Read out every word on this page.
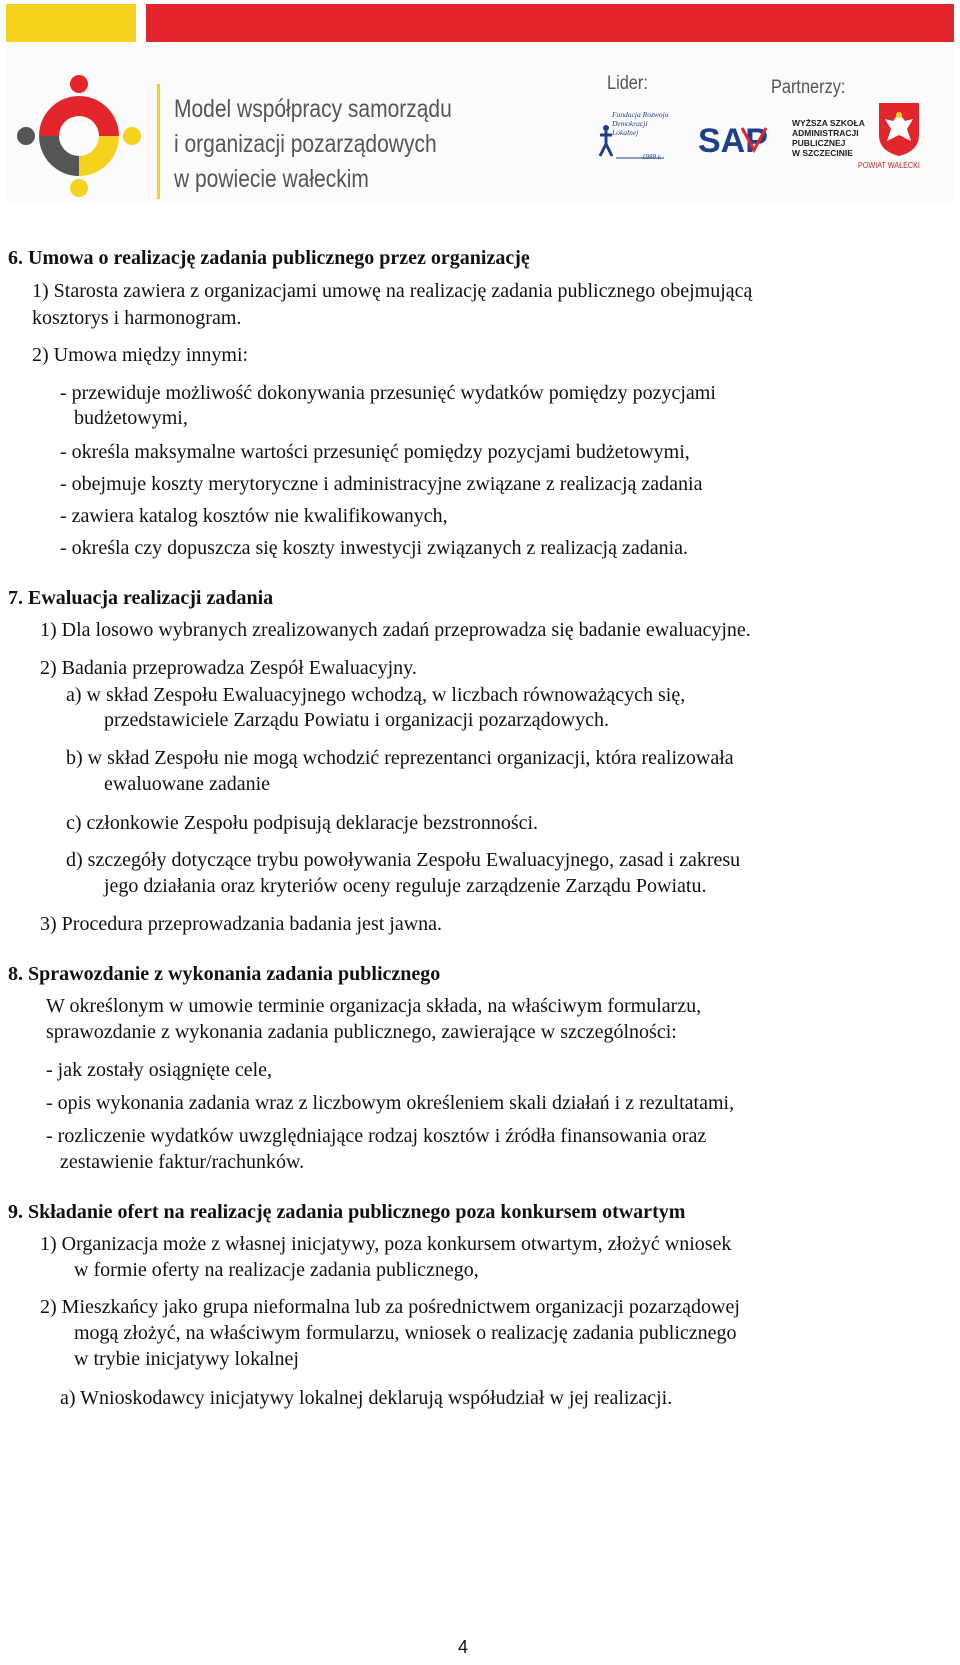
Model współpracy samorządu
i organizacji pozarządowych
w powiecie wałeckim
Lider:	Partnerzy:
Fundacja Rozwoju
Demokracji Lokalnej
1989 r. SAP	WYŻSZA SZKOŁA
ADMINISTRACJI
PUBLICZNEJ
W SZCZECINIE
POWIAT WAŁECKI
6. Umowa o realizację zadania publicznego przez organizację
1) Starosta zawiera z organizacjami umowę na realizację zadania publicznego obejmującą
kosztorys i harmonogram.
2) Umowa między innymi:
- przewiduje możliwość dokonywania przesunięć wydatków pomiędzy pozycjami
budżetowymi,
- określa maksymalne wartości przesunięć pomiędzy pozycjami budżetowymi,
- obejmuje koszty merytoryczne i administracyjne związane z realizacją zadania
- zawiera katalog kosztów nie kwalifikowanych,
- określa czy dopuszcza się koszty inwestycji związanych z realizacją zadania.
7. Ewaluacja realizacji zadania
1) Dla losowo wybranych zrealizowanych zadań przeprowadza się badanie ewaluacyjne.
2) Badania przeprowadza Zespół Ewaluacyjny.
a) w skład Zespołu Ewaluacyjnego wchodzą, w liczbach równoważących się,
przedstawiciele Zarządu Powiatu i organizacji pozarządowych.
b) w skład Zespołu nie mogą wchodzić reprezentanci organizacji, która realizowała
ewaluowane zadanie
c) członkowie Zespołu podpisują deklaracje bezstronności.
d) szczegóły dotyczące trybu powoływania Zespołu Ewaluacyjnego, zasad i zakresu
jego działania oraz kryteriów oceny reguluje zarządzenie Zarządu Powiatu.
3) Procedura przeprowadzania badania jest jawna.
8. Sprawozdanie z wykonania zadania publicznego
W określonym w umowie terminie organizacja składa, na właściwym formularzu,
sprawozdanie z wykonania zadania publicznego, zawierające w szczególności:
- jak zostały osiągnięte cele,
- opis wykonania zadania wraz z liczbowym określeniem skali działań i z rezultatami,
- rozliczenie wydatków uwzględniające rodzaj kosztów i źródła finansowania oraz
zestawienie faktur/rachunków.
9. Składanie ofert na realizację zadania publicznego poza konkursem otwartym
1) Organizacja może z własnej inicjatywy, poza konkursem otwartym, złożyć wniosek
w formie oferty na realizacje zadania publicznego,
2) Mieszkańcy jako grupa nieformalna lub za pośrednictwem organizacji pozarządowej
mogą złożyć, na właściwym formularzu, wniosek o realizację zadania publicznego
w trybie inicjatywy lokalnej
a) Wnioskodawcy inicjatywy lokalnej deklarują współudział w jej realizacji.
4
